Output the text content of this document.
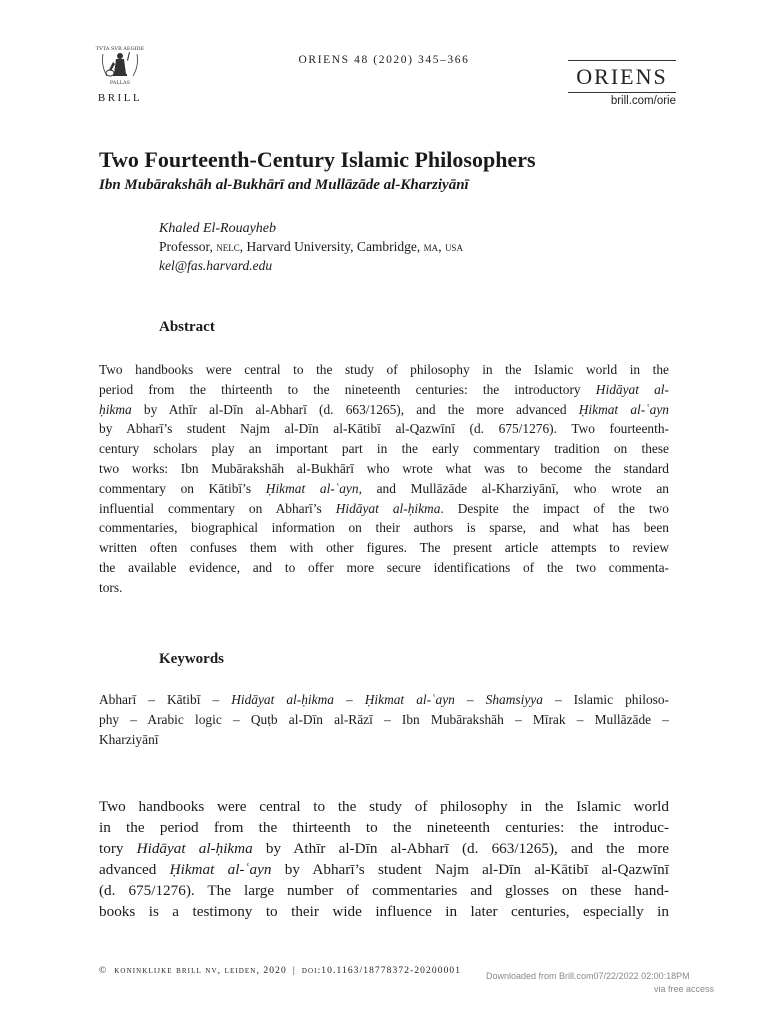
TVTA SVB AEGIDE
PALLAS
BRILL
ORIENS 48 (2020) 345–366
ORIENS
brill.com/orie
Two Fourteenth-Century Islamic Philosophers
Ibn Mubārakshāh al-Bukhārī and Mullāzāde al-Kharziyānī
Khaled El-Rouayheb
Professor, nelc, Harvard University, Cambridge, ma, usa
kel@fas.harvard.edu
Abstract
Two handbooks were central to the study of philosophy in the Islamic world in the
period from the thirteenth to the nineteenth centuries: the introductory Hidāyat al-
ḥikma by Athīr al-Dīn al-Abharī (d. 663/1265), and the more advanced Ḥikmat al-ʿayn
by Abharī’s student Najm al-Dīn al-Kātibī al-Qazwīnī (d. 675/1276). Two fourteenth-
century scholars play an important part in the early commentary tradition on these
two works: Ibn Mubārakshāh al-Bukhārī who wrote what was to become the standard
commentary on Kātibī’s Ḥikmat al-ʿayn, and Mullāzāde al-Kharziyānī, who wrote an
influential commentary on Abharī’s Hidāyat al-ḥikma. Despite the impact of the two
commentaries, biographical information on their authors is sparse, and what has been
written often confuses them with other figures. The present article attempts to review
the available evidence, and to offer more secure identifications of the two commenta-
tors.
Keywords
Abharī – Kātibī – Hidāyat al-ḥikma – Ḥikmat al-ʿayn – Shamsiyya – Islamic philoso-
phy – Arabic logic – Quṭb al-Dīn al-Rāzī – Ibn Mubārakshāh – Mīrak – Mullāzāde –
Kharziyānī
Two handbooks were central to the study of philosophy in the Islamic world
in the period from the thirteenth to the nineteenth centuries: the introduc-
tory Hidāyat al-ḥikma by Athīr al-Dīn al-Abharī (d. 663/1265), and the more
advanced Ḥikmat al-ʿayn by Abharī’s student Najm al-Dīn al-Kātibī al-Qazwīnī
(d. 675/1276). The large number of commentaries and glosses on these hand-
books is a testimony to their wide influence in later centuries, especially in
© koninklijke brill nv, leiden, 2020 | doi:10.1163/18778372-20200001	Downloaded from Brill.com07/22/2022 02:00:18PM
via free access
